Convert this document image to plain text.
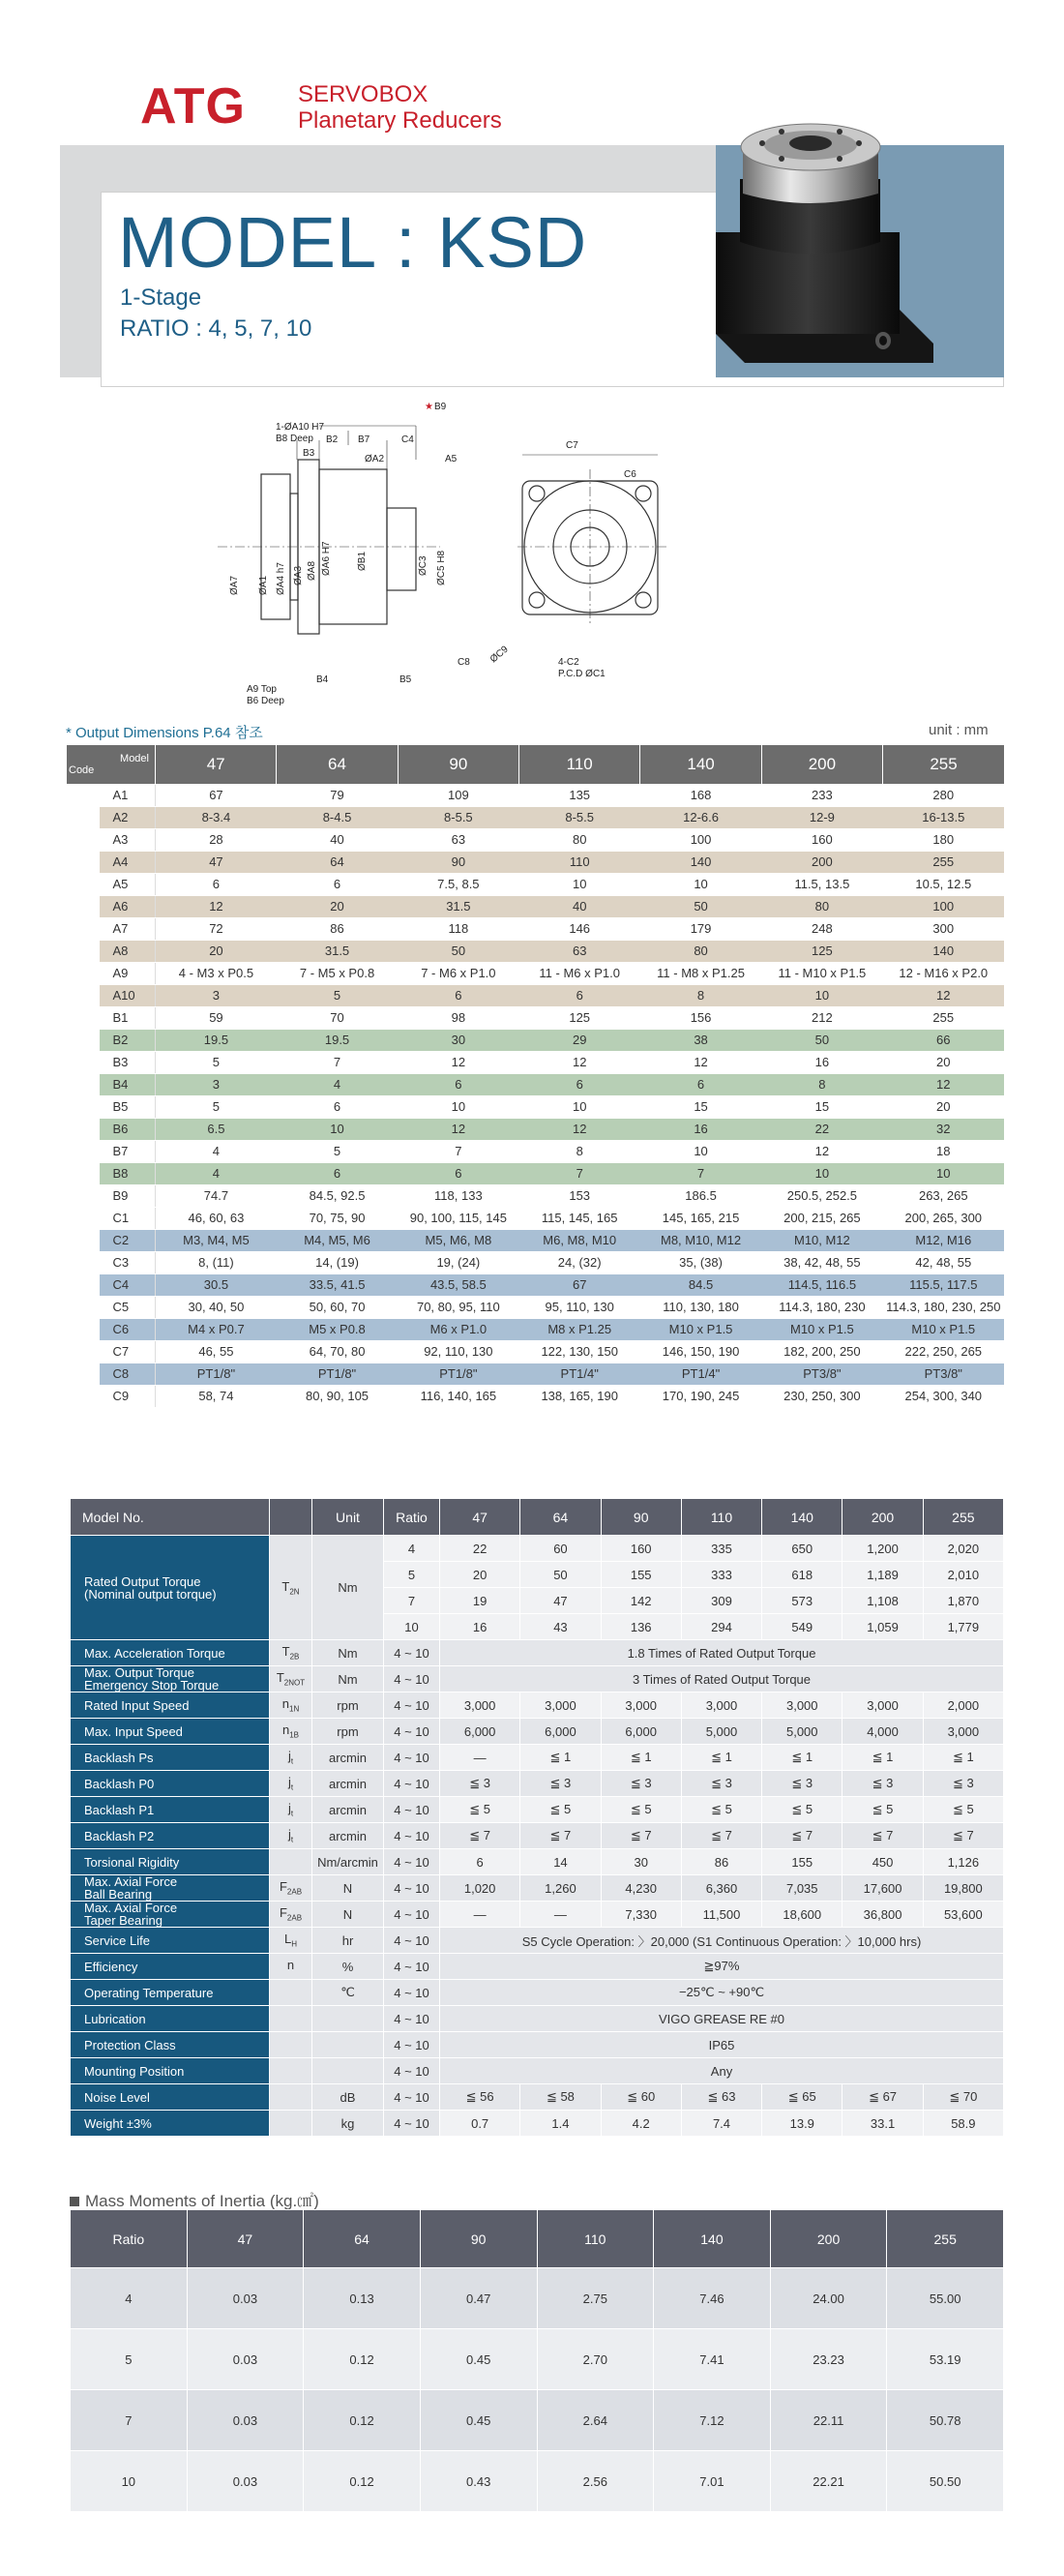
ATG SERVOBOX
Planetary Reducers
MODEL : KSD
1-Stage
RATIO : 4, 5, 7, 10
★ B9
1-ØA10 H7
B8 Deep
B3
B2 B7	C4
ØA2	A5
ØA7 ØA1 ØA4 h7 ØA3 ØA8 ØA6 H7	ØB1	ØC3 ØC5 H8
A9 Top
B6 Deep
B4	B5
C8
C7
C6
ØC9	4-C2
P.C.D ØC1
* Output Dimensions P.64 참조	unit : mm
Model
Code		47	64	90	110	140	200	255
A	A1	67	79	109	135	168	233	280
	A2	8-3.4	8-4.5	8-5.5	8-5.5	12-6.6	12-9	16-13.5
	A3	28	40	63	80	100	160	180
	A4	47	64	90	110	140	200	255
	A5	6	6	7.5, 8.5	10	10	11.5, 13.5	10.5, 12.5
	A6	12	20	31.5	40	50	80	100
	A7	72	86	118	146	179	248	300
	A8	20	31.5	50	63	80	125	140
	A9	4 - M3 x P0.5	7 - M5 x P0.8	7 - M6 x P1.0	11 - M6 x P1.0	11 - M8 x P1.25	11 - M10 x P1.5	12 - M16 x P2.0
	A10	3	5	6	6	8	10	12
B	B1	59	70	98	125	156	212	255
	B2	19.5	19.5	30	29	38	50	66
	B3	5	7	12	12	12	16	20
	B4	3	4	6	6	6	8	12
	B5	5	6	10	10	15	15	20
	B6	6.5	10	12	12	16	22	32
	B7	4	5	7	8	10	12	18
	B8	4	6	6	7	7	10	10
	B9	74.7	84.5, 92.5	118, 133	153	186.5	250.5, 252.5	263, 265
C	C1	46, 60, 63	70, 75, 90	90, 100, 115, 145	115, 145, 165	145, 165, 215	200, 215, 265	200, 265, 300
	C2	M3, M4, M5	M4, M5, M6	M5, M6, M8	M6, M8, M10	M8, M10, M12	M10, M12	M12, M16
	C3	8, (11)	14, (19)	19, (24)	24, (32)	35, (38)	38, 42, 48, 55	42, 48, 55
	C4	30.5	33.5, 41.5	43.5, 58.5	67	84.5	114.5, 116.5	115.5, 117.5
	C5	30, 40, 50	50, 60, 70	70, 80, 95, 110	95, 110, 130	110, 130, 180	114.3, 180, 230	114.3, 180, 230, 250
	C6	M4 x P0.7	M5 x P0.8	M6 x P1.0	M8 x P1.25	M10 x P1.5	M10 x P1.5	M10 x P1.5
	C7	46, 55	64, 70, 80	92, 110, 130	122, 130, 150	146, 150, 190	182, 200, 250	222, 250, 265
	C8	PT1/8"	PT1/8"	PT1/8"	PT1/4"	PT1/4"	PT3/8"	PT3/8"
	C9	58, 74	80, 90, 105	116, 140, 165	138, 165, 190	170, 190, 245	230, 250, 300	254, 300, 340
Model No.		Unit	Ratio	47	64	90	110	140	200	255
Rated Output Torque
(Nominal output torque)	$T_{2N}$	Nm	4	22	60	160	335	650	1,200	2,020
			5	20	50	155	333	618	1,189	2,010
			7	19	47	142	309	573	1,108	1,870
			10	16	43	136	294	549	1,059	1,779
Max. Acceleration Torque	$T_{2B}$	Nm	4 ~ 10	1.8 Times of Rated Output Torque						
Max. Output Torque
Emergency Stop Torque	$T_{2NOT}$	Nm	4 ~ 10	3 Times of Rated Output Torque						
Rated Input Speed	$n_{1N}$	rpm	4 ~ 10	3,000	3,000	3,000	3,000	3,000	3,000	2,000
Max. Input Speed	$n_{1B}$	rpm	4 ~ 10	6,000	6,000	6,000	5,000	5,000	4,000	3,000
Backlash Ps	$j_t$	arcmin	4 ~ 10	—	≦ 1	≦ 1	≦ 1	≦ 1	≦ 1	≦ 1
Backlash P0	$j_t$	arcmin	4 ~ 10	≦ 3	≦ 3	≦ 3	≦ 3	≦ 3	≦ 3	≦ 3
Backlash P1	$j_t$	arcmin	4 ~ 10	≦ 5	≦ 5	≦ 5	≦ 5	≦ 5	≦ 5	≦ 5
Backlash P2	$j_t$	arcmin	4 ~ 10	≦ 7	≦ 7	≦ 7	≦ 7	≦ 7	≦ 7	≦ 7
Torsional Rigidity		Nm/arcmin	4 ~ 10	6	14	30	86	155	450	1,126
Max. Axial Force
Ball Bearing	$F_{2AB}$	N	4 ~ 10	1,020	1,260	4,230	6,360	7,035	17,600	19,800
Max. Axial Force
Taper Bearing	$F_{2AB}$	N	4 ~ 10	—	—	7,330	11,500	18,600	36,800	53,600
Service Life	$L_H$	hr	4 ~ 10	S5 Cycle Operation: 〉20,000 (S1 Continuous Operation: 〉10,000 hrs)						
Efficiency	n	%	4 ~ 10	≧97%						
Operating Temperature		℃	4 ~ 10	−25℃ ~ +90℃						
Lubrication			4 ~ 10	VIGO GREASE RE #0						
Protection Class			4 ~ 10	IP65						
Mounting Position			4 ~ 10	Any						
Noise Level		dB	4 ~ 10	≦ 56	≦ 58	≦ 60	≦ 63	≦ 65	≦ 67	≦ 70
Weight ±3%		kg	4 ~ 10	0.7	1.4	4.2	7.4	13.9	33.1	58.9
Mass Moments of Inertia (kg.㎠)
Ratio	47	64	90	110	140	200	255
4	0.03	0.13	0.47	2.75	7.46	24.00	55.00
5	0.03	0.12	0.45	2.70	7.41	23.23	53.19
7	0.03	0.12	0.45	2.64	7.12	22.11	50.78
10	0.03	0.12	0.43	2.56	7.01	22.21	50.50
